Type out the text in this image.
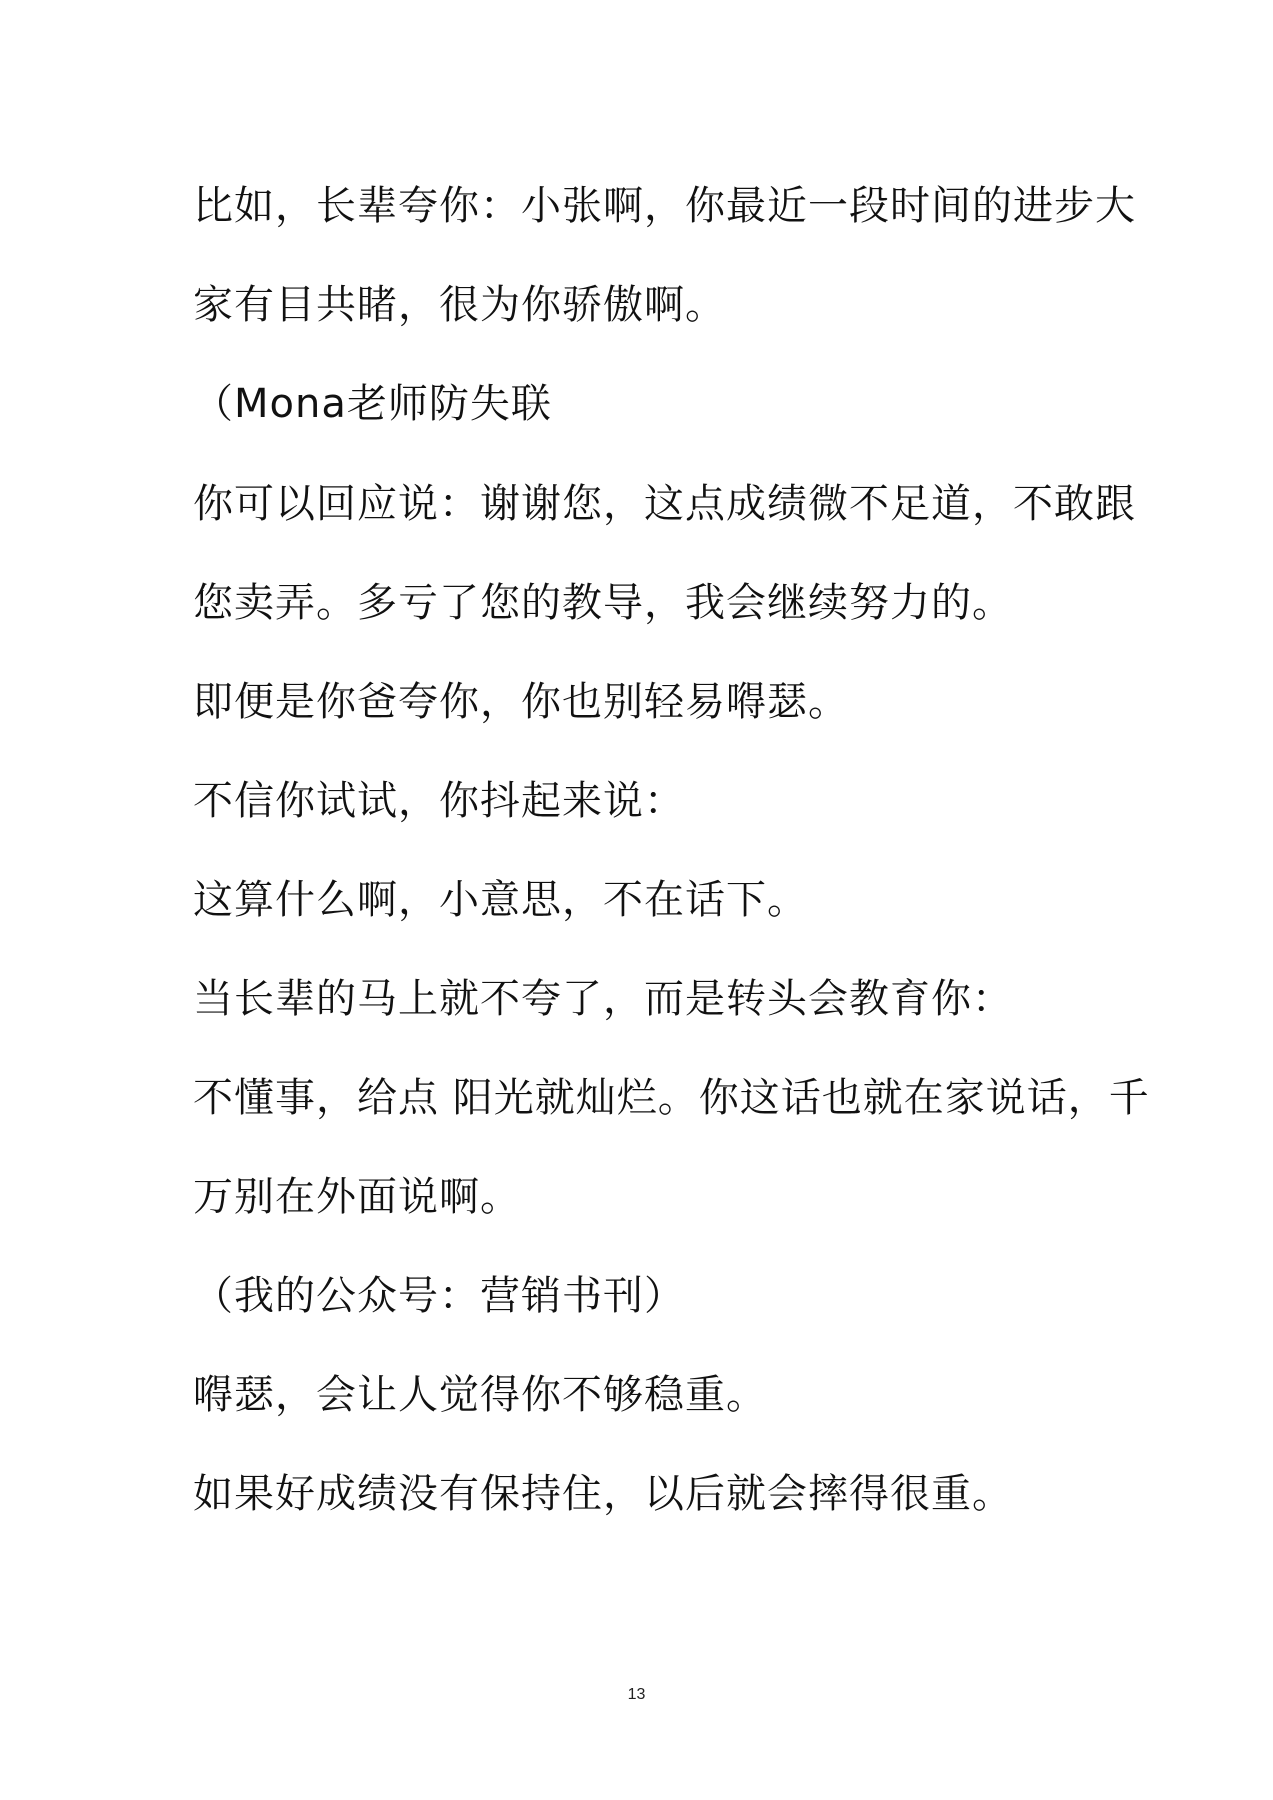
比如，长辈夸你：小张啊，你最近一段时间的进步大
家有目共睹，很为你骄傲啊。
（Mona老师防失联
你可以回应说：谢谢您，这点成绩微不足道，不敢跟
您卖弄。多亏了您的教导，我会继续努力的。
即便是你爸夸你，你也别轻易嘚瑟。
不信你试试，你抖起来说：
这算什么啊，小意思，不在话下。
当长辈的马上就不夸了，而是转头会教育你：
不懂事，给点 阳光就灿烂。你这话也就在家说话，千
万别在外面说啊。
（我的公众号：营销书刊）
嘚瑟，会让人觉得你不够稳重。
如果好成绩没有保持住，以后就会摔得很重。
13
